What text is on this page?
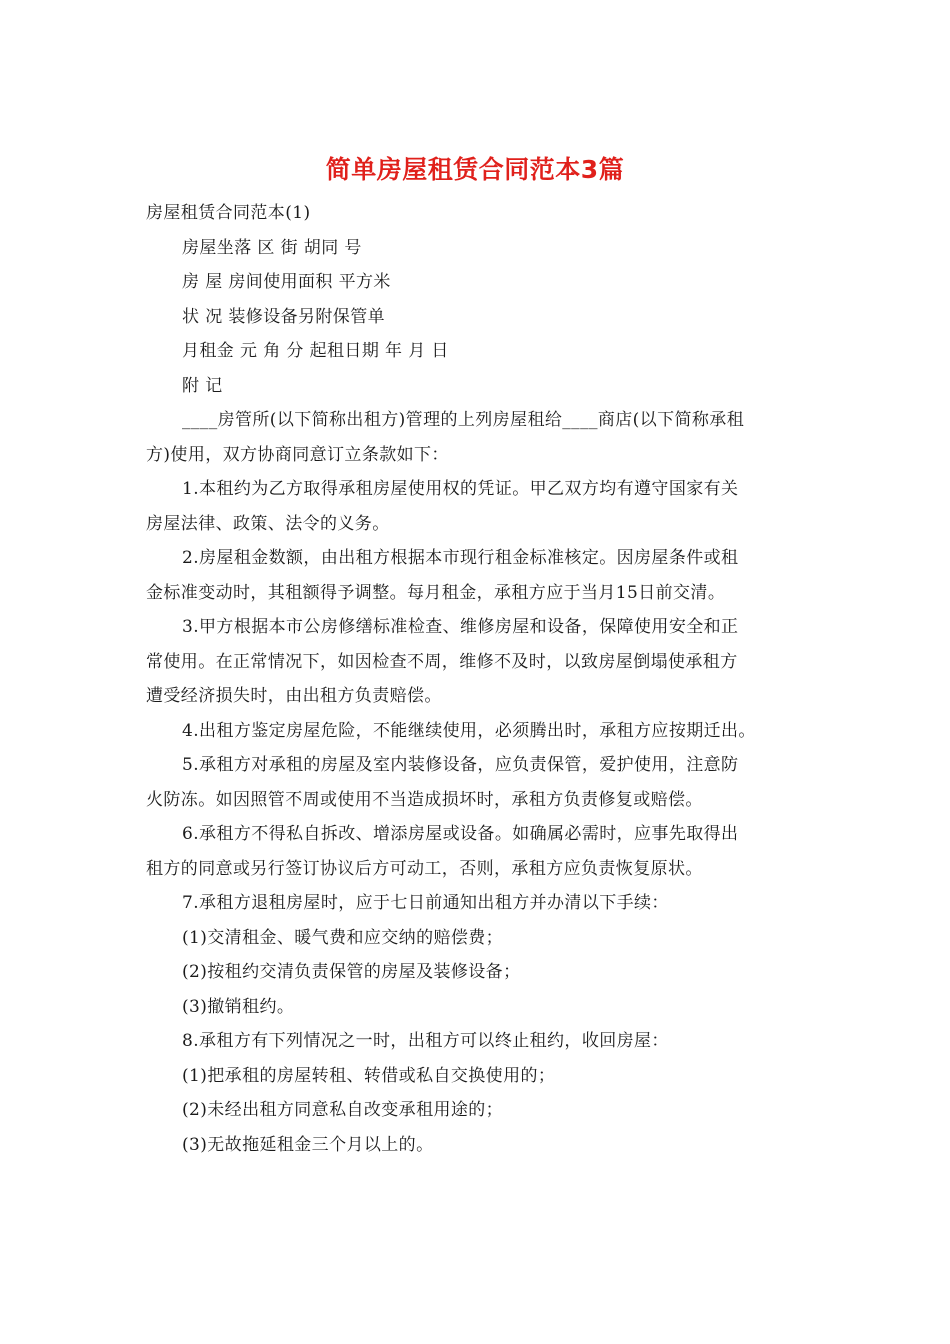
简单房屋租赁合同范本3篇
房屋租赁合同范本(1)
房屋坐落 区 街 胡同 号
房 屋 房间使用面积 平方米
状 况 装修设备另附保管单
月租金 元 角 分 起租日期 年 月 日
附 记
____房管所(以下简称出租方)管理的上列房屋租给____商店(以下简称承租
方)使用，双方协商同意订立条款如下：
1.本租约为乙方取得承租房屋使用权的凭证。甲乙双方均有遵守国家有关
房屋法律、政策、法令的义务。
2.房屋租金数额，由出租方根据本市现行租金标准核定。因房屋条件或租
金标准变动时，其租额得予调整。每月租金，承租方应于当月15日前交清。
3.甲方根据本市公房修缮标准检查、维修房屋和设备，保障使用安全和正
常使用。在正常情况下，如因检查不周，维修不及时，以致房屋倒塌使承租方
遭受经济损失时，由出租方负责赔偿。
4.出租方鉴定房屋危险，不能继续使用，必须腾出时，承租方应按期迁出。
5.承租方对承租的房屋及室内装修设备，应负责保管，爱护使用，注意防
火防冻。如因照管不周或使用不当造成损坏时，承租方负责修复或赔偿。
6.承租方不得私自拆改、增添房屋或设备。如确属必需时，应事先取得出
租方的同意或另行签订协议后方可动工，否则，承租方应负责恢复原状。
7.承租方退租房屋时，应于七日前通知出租方并办清以下手续：
(1)交清租金、暖气费和应交纳的赔偿费；
(2)按租约交清负责保管的房屋及装修设备；
(3)撤销租约。
8.承租方有下列情况之一时，出租方可以终止租约，收回房屋：
(1)把承租的房屋转租、转借或私自交换使用的；
(2)未经出租方同意私自改变承租用途的；
(3)无故拖延租金三个月以上的。
